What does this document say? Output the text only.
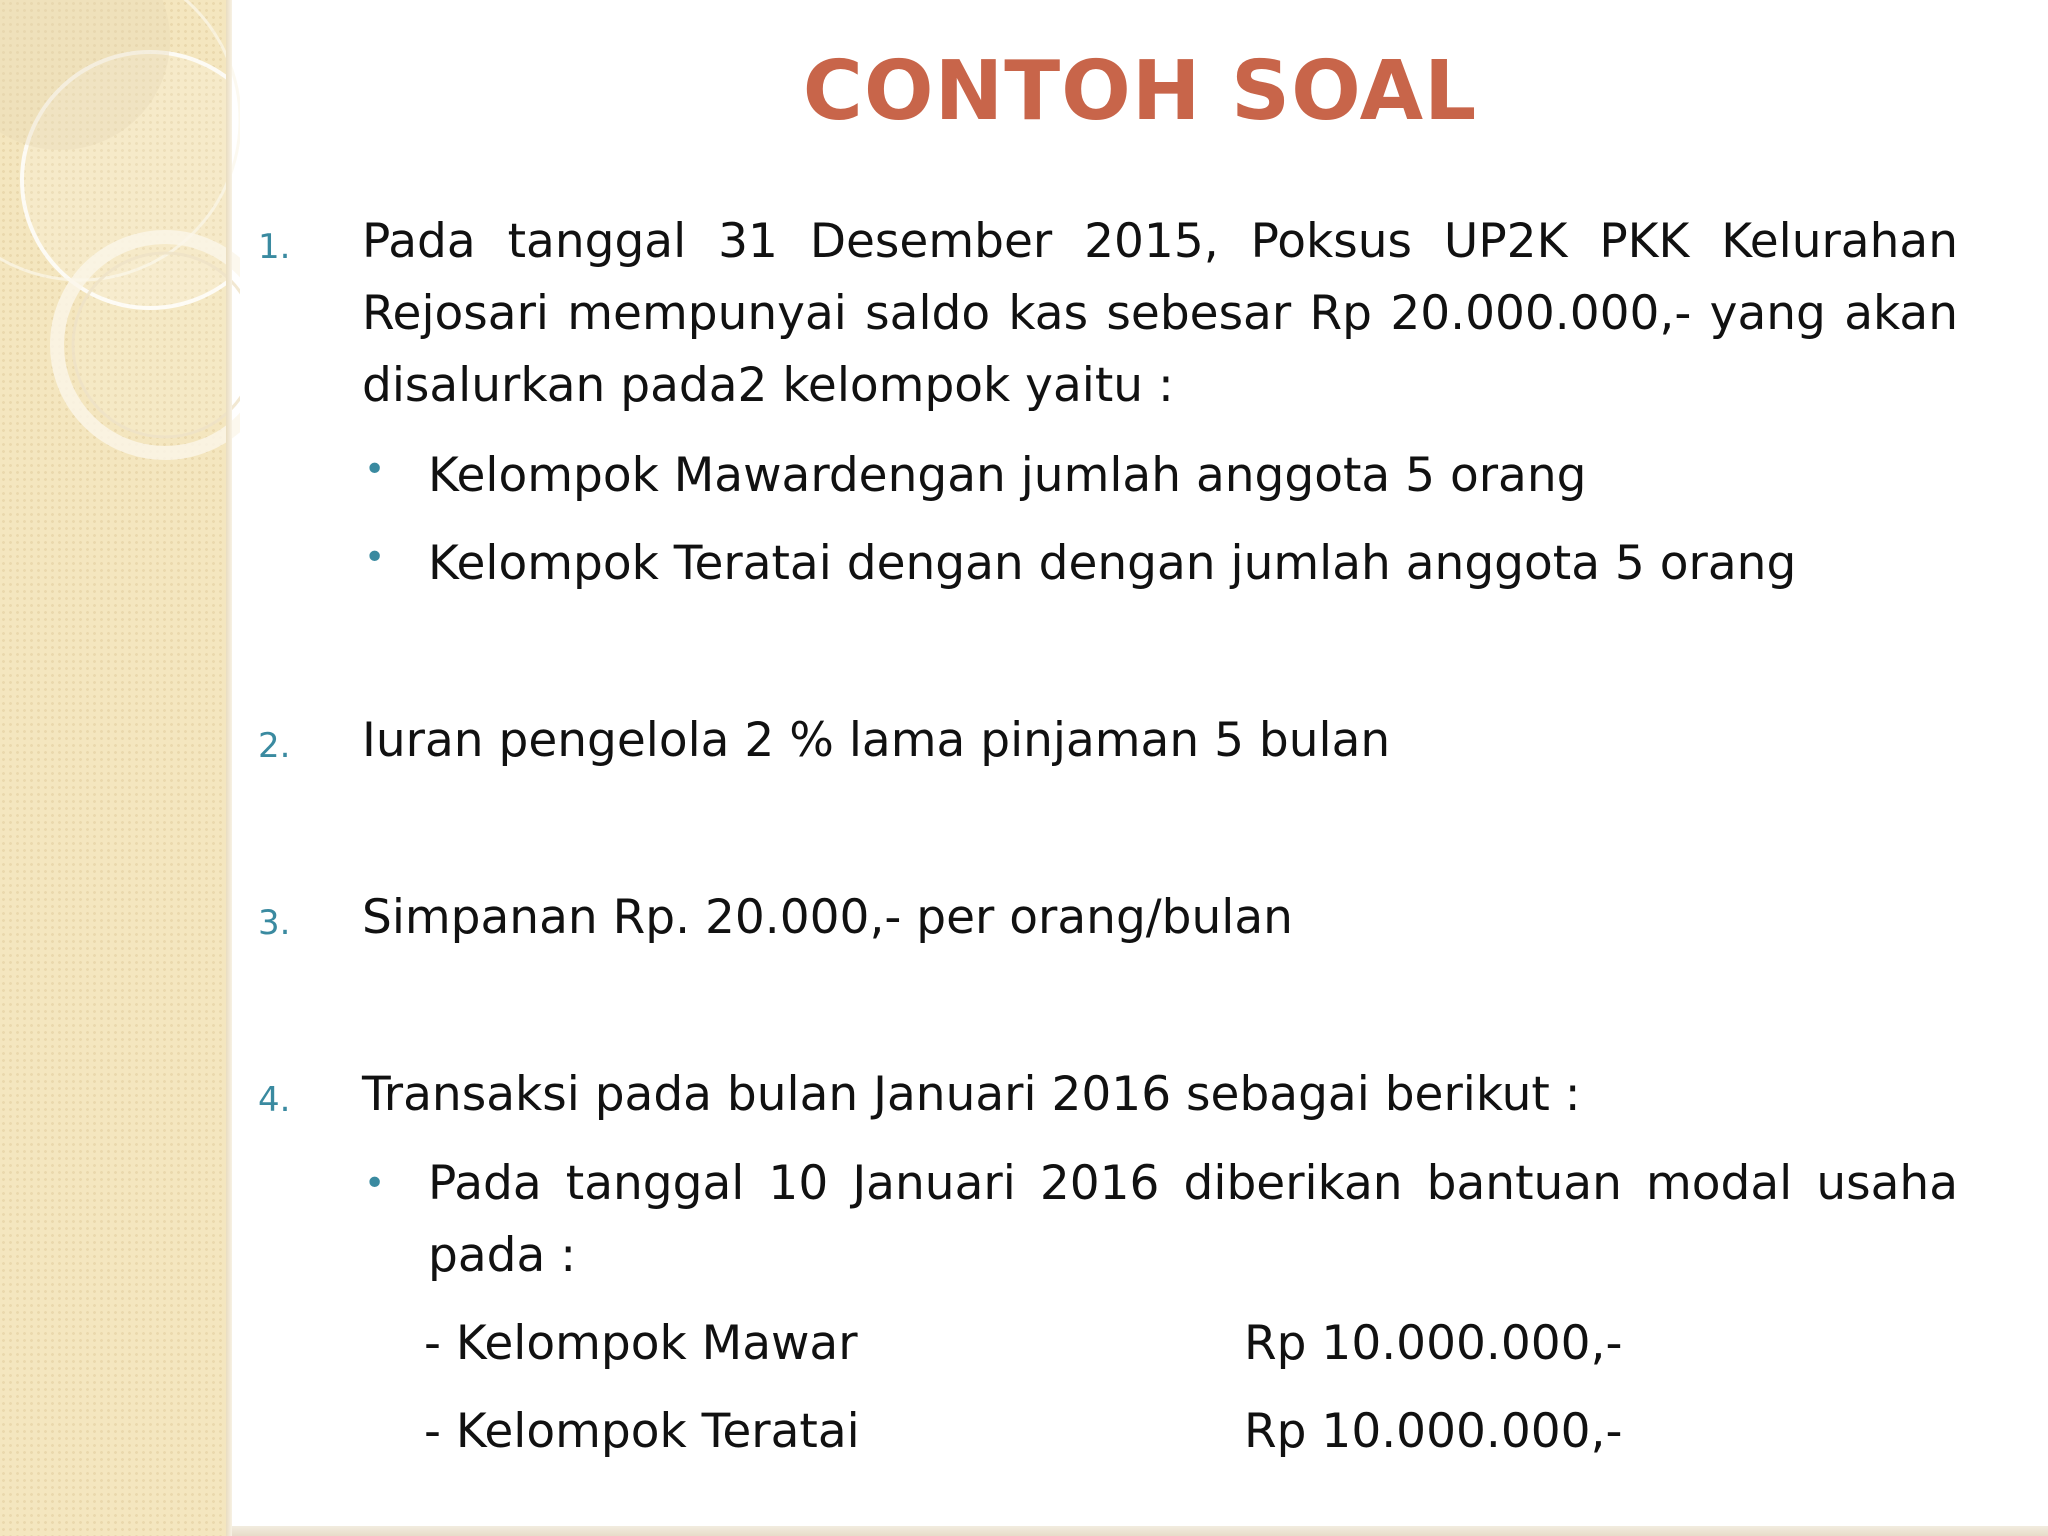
CONTOH SOAL
1. Pada tanggal 31 Desember 2015, Poksus UP2K PKK Kelurahan Rejosari mempunyai saldo kas sebesar Rp 20.000.000,- yang akan disalurkan pada2 kelompok yaitu :
• Kelompok Mawardengan jumlah anggota 5 orang
• Kelompok Teratai dengan dengan jumlah anggota 5 orang
2. Iuran pengelola 2 % lama pinjaman 5 bulan
3. Simpanan Rp. 20.000,- per orang/bulan
4. Transaksi pada bulan Januari 2016 sebagai berikut :
• Pada tanggal 10 Januari 2016 diberikan bantuan modal usaha pada :
- Kelompok Mawar	Rp 10.000.000,-
- Kelompok Teratai	Rp 10.000.000,-
